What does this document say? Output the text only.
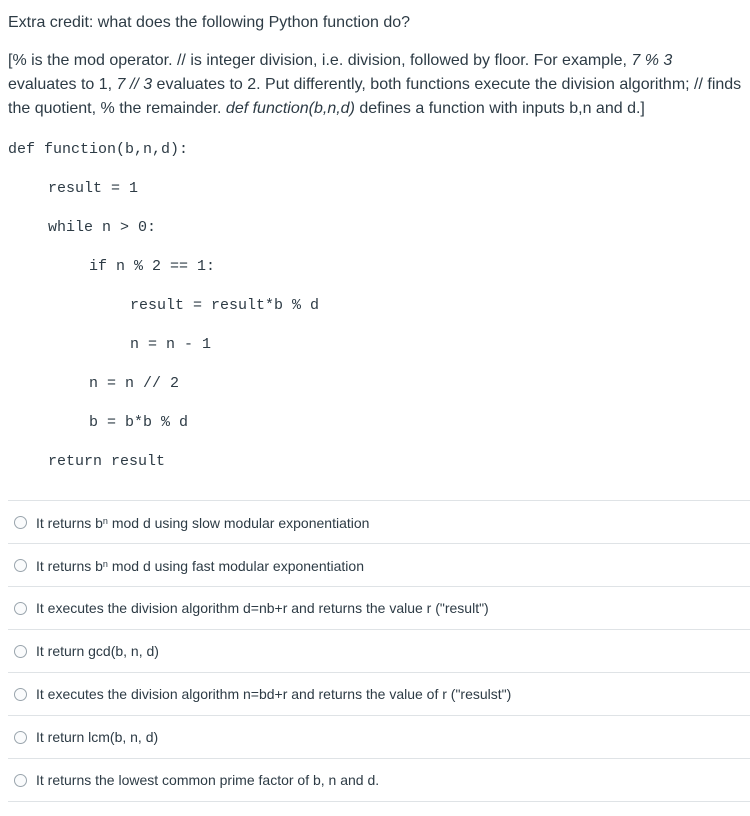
Extra credit: what does the following Python function do?
[% is the mod operator. // is integer division, i.e. division, followed by floor. For example, 7 % 3 evaluates to 1, 7 // 3 evaluates to 2. Put differently, both functions execute the division algorithm; // finds the quotient, % the remainder. def function(b,n,d) defines a function with inputs b,n and d.]
def function(b,n,d):
result = 1
while n > 0:
if n % 2 == 1:
result = result*b % d
n = n - 1
n = n // 2
b = b*b % d
return result
It returns $b^n$ mod d using slow modular exponentiation
It returns $b^n$ mod d using fast modular exponentiation
It executes the division algorithm d=nb+r and returns the value r ("result")
It return gcd(b, n, d)
It executes the division algorithm n=bd+r and returns the value of r ("resulst")
It return lcm(b, n, d)
It returns the lowest common prime factor of b, n and d.
